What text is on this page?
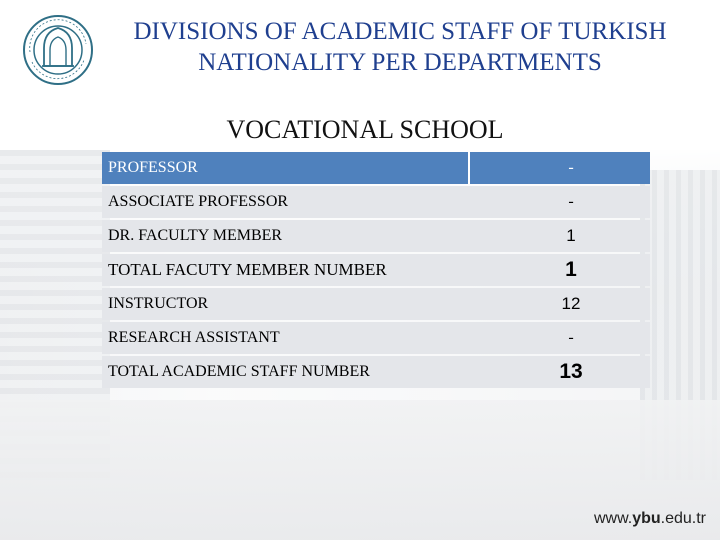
DIVISIONS OF ACADEMIC STAFF OF TURKISH
NATIONALITY PER DEPARTMENTS
VOCATIONAL SCHOOL
PROFESSOR	-
ASSOCIATE PROFESSOR	-
DR. FACULTY MEMBER	1
TOTAL FACUTY MEMBER NUMBER	1
INSTRUCTOR	12
RESEARCH ASSISTANT	-
TOTAL ACADEMIC STAFF NUMBER	13
www.ybu.edu.tr
